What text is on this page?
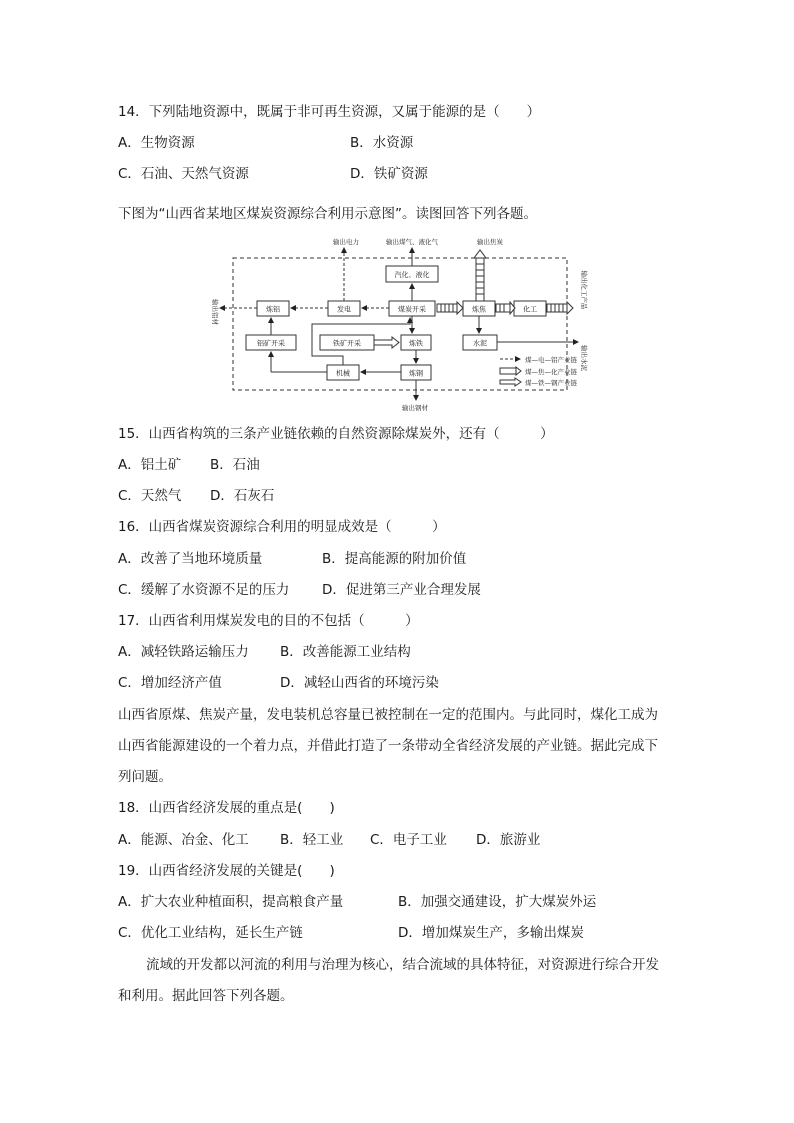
14．下列陆地资源中，既属于非可再生资源，又属于能源的是（　　）
A．生物资源	B．水资源
C．石油、天然气资源	D．铁矿资源
下图为“山西省某地区煤炭资源综合利用示意图”。读图回答下列各题。
输出电力	输出煤气、液化气	输出焦炭
输出铝材
输出化工产品
输出水泥
输出钢材
汽化、液化
炼铝	发电	煤炭开采	炼焦	化工
铝矿开采	铁矿开采	炼铁	水泥
机械	炼钢
煤—电—铝产业链
煤—焦—化产业链
煤—铁—钢产业链
15．山西省构筑的三条产业链依赖的自然资源除煤炭外，还有（　　　）
A．铝土矿 B．石油
C．天然气 D．石灰石
16．山西省煤炭资源综合利用的明显成效是（　　　）
A．改善了当地环境质量	B．提高能源的附加价值
C．缓解了水资源不足的压力 D．促进第三产业合理发展
17．山西省利用煤炭发电的目的不包括（　　　）
A．减轻铁路运输压力 B．改善能源工业结构
C．增加经济产值	D．减轻山西省的环境污染
山西省原煤、焦炭产量，发电装机总容量已被控制在一定的范围内。与此同时，煤化工成为
山西省能源建设的一个着力点，并借此打造了一条带动全省经济发展的产业链。据此完成下
列问题。
18．山西省经济发展的重点是(　　)
A．能源、冶金、化工 B．轻工业 C．电子工业 D．旅游业
19．山西省经济发展的关键是(　　)
A．扩大农业种植面积，提高粮食产量	B．加强交通建设，扩大煤炭外运
C．优化工业结构，延长生产链	D．增加煤炭生产，多输出煤炭
流域的开发都以河流的利用与治理为核心，结合流域的具体特征，对资源进行综合开发
和利用。据此回答下列各题。
